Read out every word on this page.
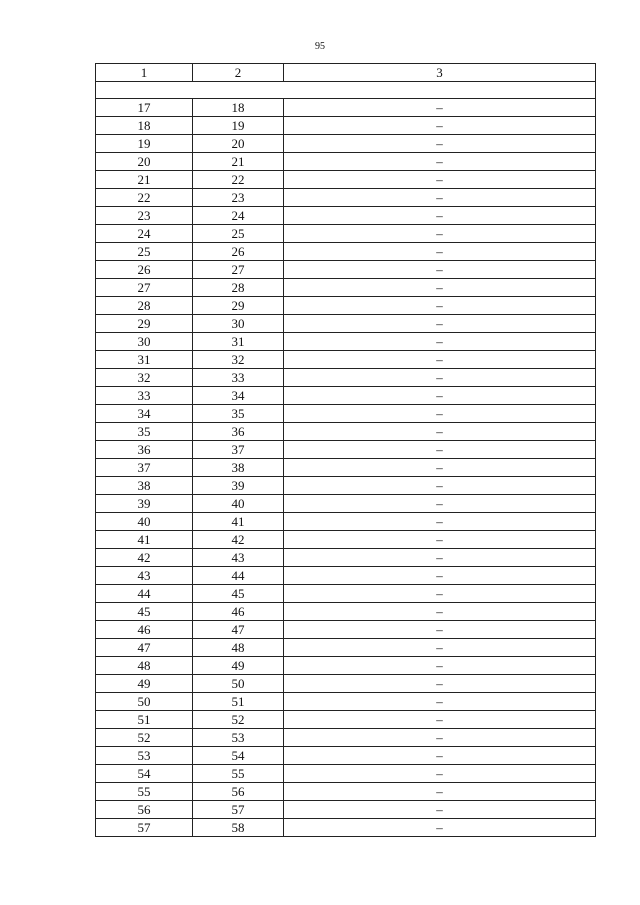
95
1	2	3

17	18	–
18	19	–
19	20	–
20	21	–
21	22	–
22	23	–
23	24	–
24	25	–
25	26	–
26	27	–
27	28	–
28	29	–
29	30	–
30	31	–
31	32	–
32	33	–
33	34	–
34	35	–
35	36	–
36	37	–
37	38	–
38	39	–
39	40	–
40	41	–
41	42	–
42	43	–
43	44	–
44	45	–
45	46	–
46	47	–
47	48	–
48	49	–
49	50	–
50	51	–
51	52	–
52	53	–
53	54	–
54	55	–
55	56	–
56	57	–
57	58	–
